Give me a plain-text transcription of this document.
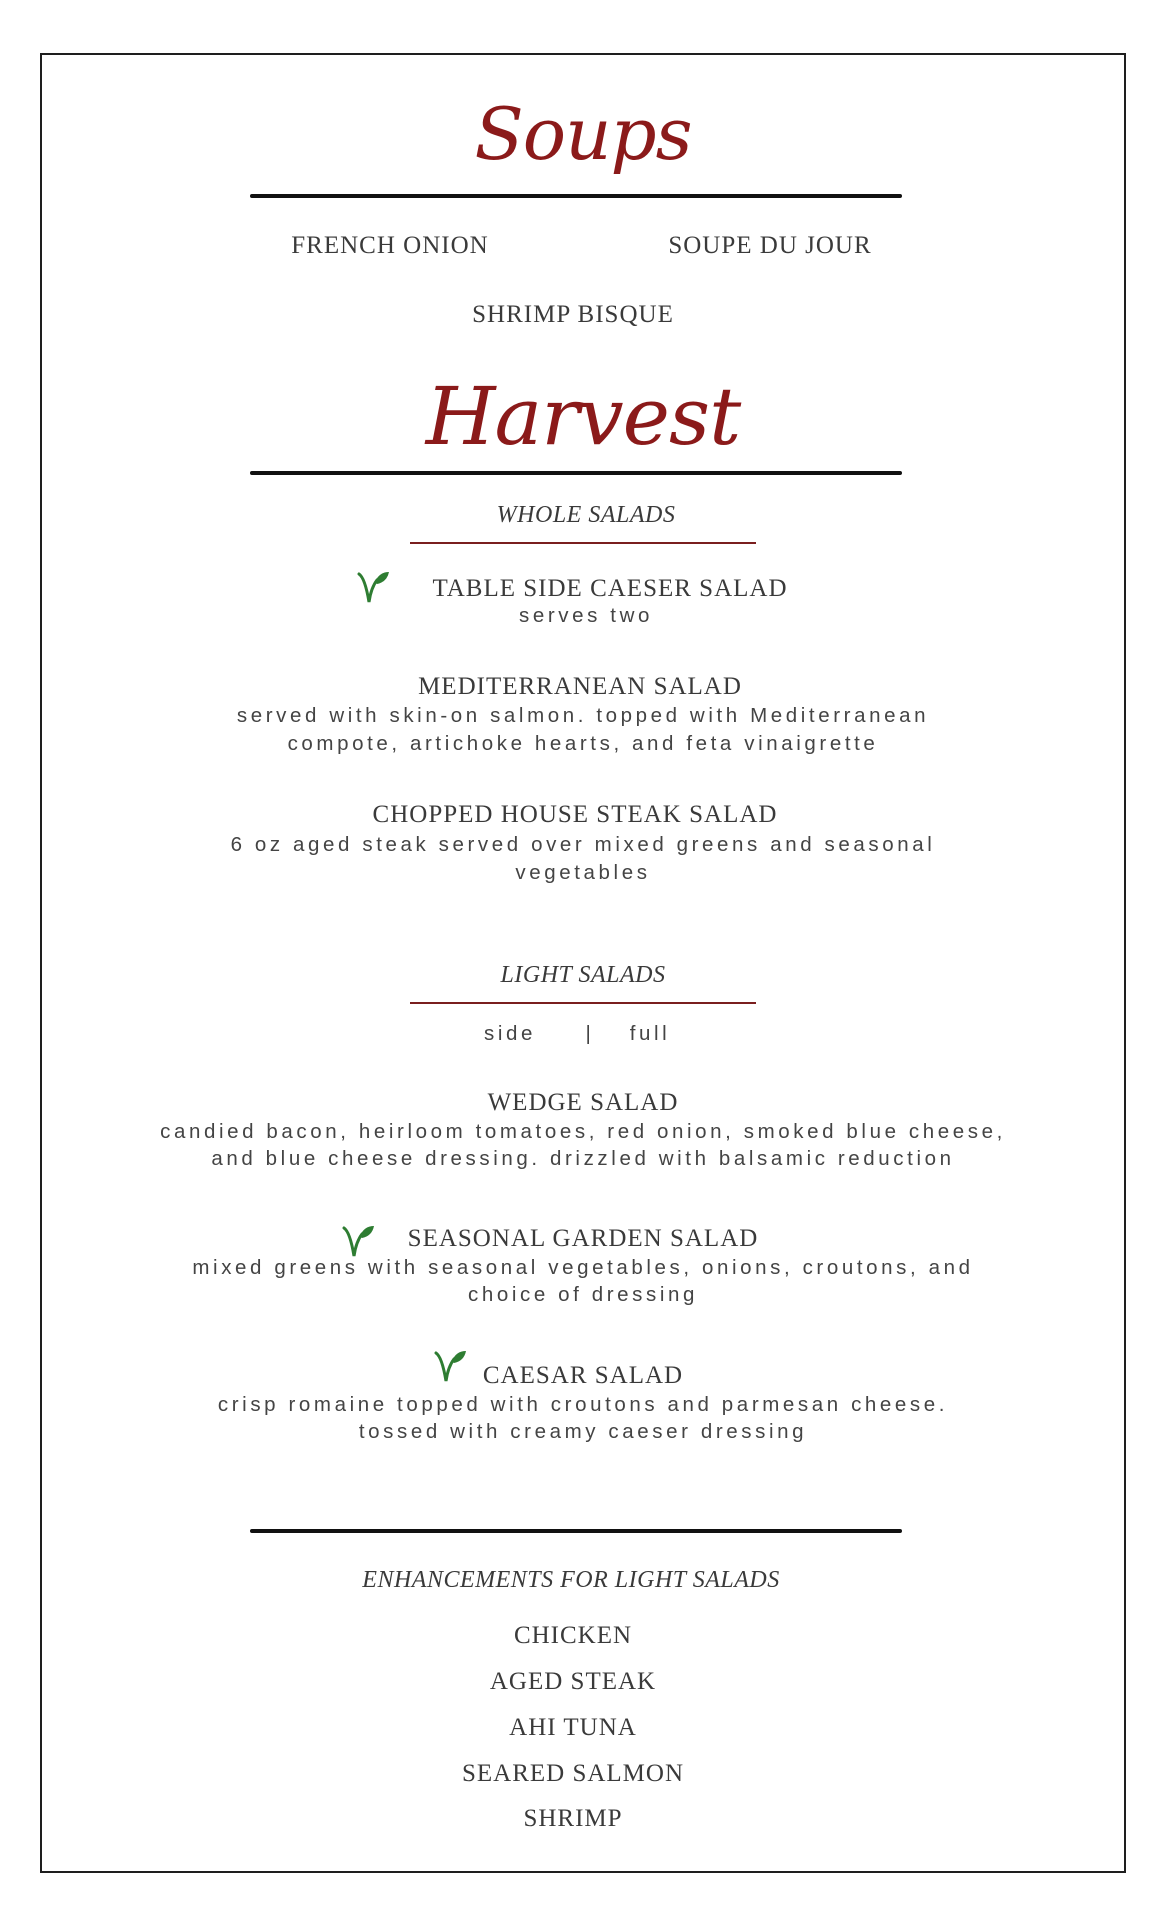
Soups
FRENCH ONION	SOUPE DU JOUR
SHRIMP BISQUE
Harvest
WHOLE SALADS
TABLE SIDE CAESER SALAD
serves two
MEDITERRANEAN SALAD
served with skin-on salmon. topped with Mediterranean
compote, artichoke hearts, and feta vinaigrette
CHOPPED HOUSE STEAK SALAD
6 oz aged steak served over mixed greens and seasonal
vegetables
LIGHT SALADS
side	|	full
WEDGE SALAD
candied bacon, heirloom tomatoes, red onion, smoked blue cheese,
and blue cheese dressing. drizzled with balsamic reduction
SEASONAL GARDEN SALAD
mixed greens with seasonal vegetables, onions, croutons, and
choice of dressing
CAESAR SALAD
crisp romaine topped with croutons and parmesan cheese.
tossed with creamy caeser dressing
ENHANCEMENTS FOR LIGHT SALADS
CHICKEN
AGED STEAK
AHI TUNA
SEARED SALMON
SHRIMP
